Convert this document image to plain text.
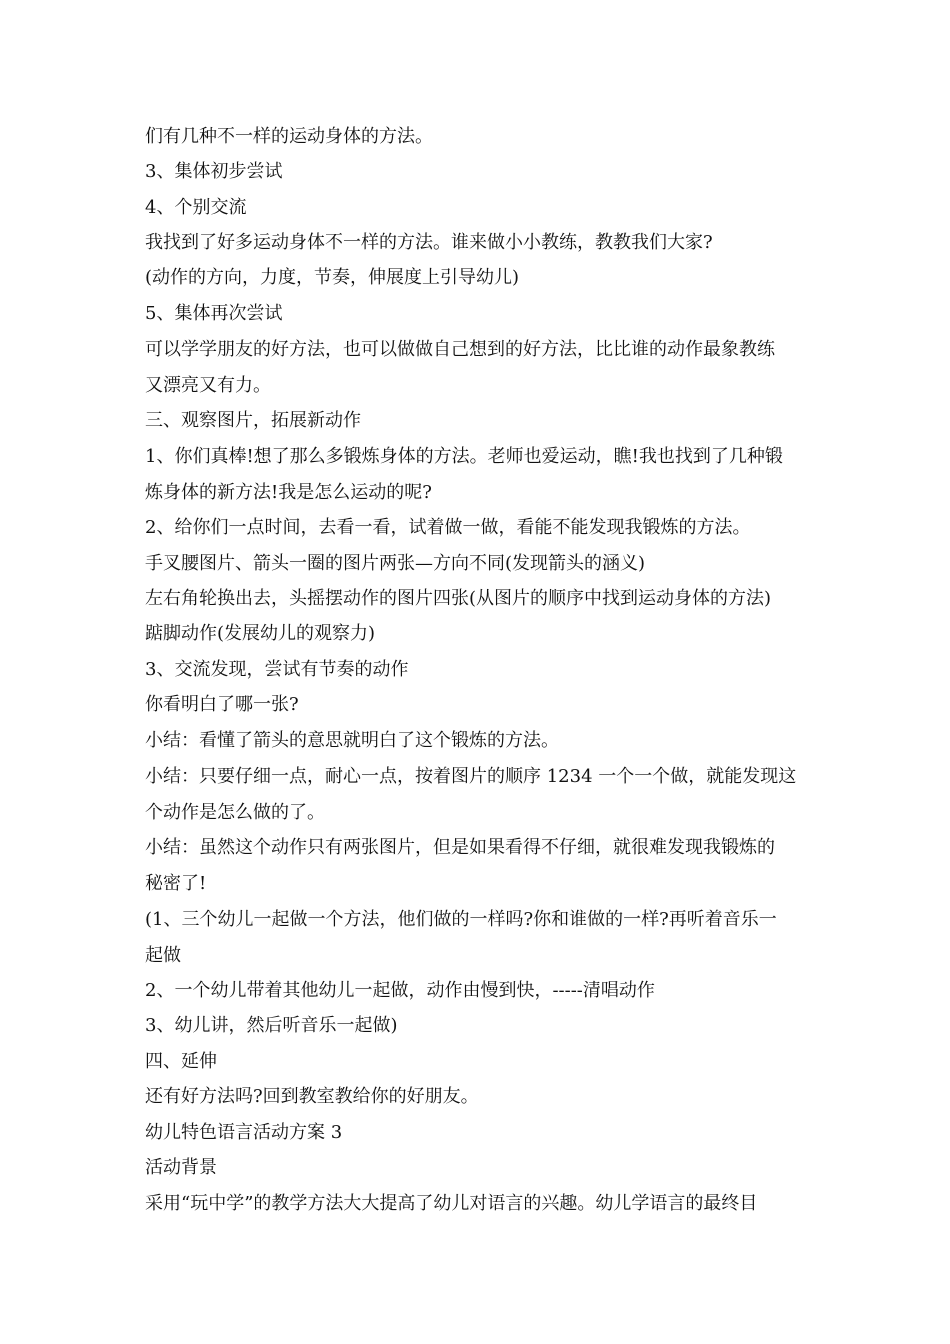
们有几种不一样的运动身体的方法。
3、集体初步尝试
4、个别交流
我找到了好多运动身体不一样的方法。谁来做小小教练，教教我们大家?
(动作的方向，力度，节奏，伸展度上引导幼儿)
5、集体再次尝试
可以学学朋友的好方法，也可以做做自己想到的好方法，比比谁的动作最象教练
又漂亮又有力。
三、观察图片，拓展新动作
1、你们真棒!想了那么多锻炼身体的方法。老师也爱运动，瞧!我也找到了几种锻
炼身体的新方法!我是怎么运动的呢?
2、给你们一点时间，去看一看，试着做一做，看能不能发现我锻炼的方法。
手叉腰图片、箭头一圈的图片两张—方向不同(发现箭头的涵义)
左右角轮换出去，头摇摆动作的图片四张(从图片的顺序中找到运动身体的方法)
踮脚动作(发展幼儿的观察力)
3、交流发现，尝试有节奏的动作
你看明白了哪一张?
小结：看懂了箭头的意思就明白了这个锻炼的方法。
小结：只要仔细一点，耐心一点，按着图片的顺序 1234 一个一个做，就能发现这
个动作是怎么做的了。
小结：虽然这个动作只有两张图片，但是如果看得不仔细，就很难发现我锻炼的
秘密了!
(1、三个幼儿一起做一个方法，他们做的一样吗?你和谁做的一样?再听着音乐一
起做
2、一个幼儿带着其他幼儿一起做，动作由慢到快，-----清唱动作
3、幼儿讲，然后听音乐一起做)
四、延伸
还有好方法吗?回到教室教给你的好朋友。
幼儿特色语言活动方案 3
活动背景
采用“玩中学”的教学方法大大提高了幼儿对语言的兴趣。幼儿学语言的最终目
